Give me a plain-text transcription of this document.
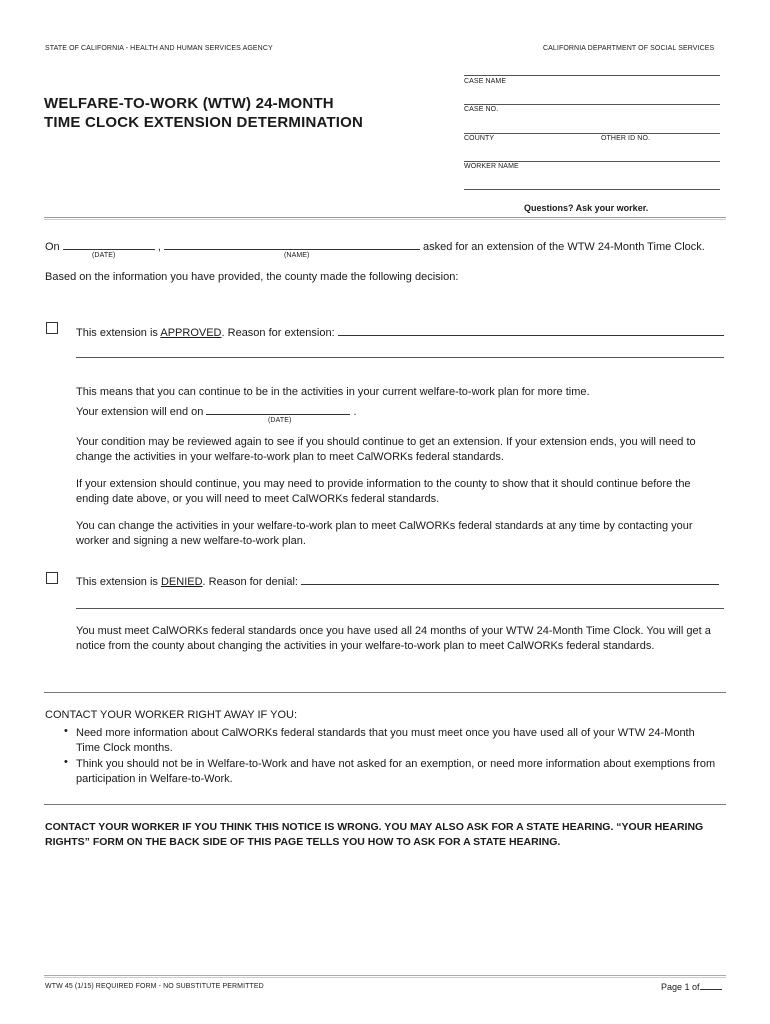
STATE OF CALIFORNIA - HEALTH AND HUMAN SERVICES AGENCY	CALIFORNIA DEPARTMENT OF SOCIAL SERVICES
WELFARE-TO-WORK (WTW) 24-MONTH
TIME CLOCK EXTENSION DETERMINATION
CASE NAME
CASE NO.
COUNTY	OTHER ID NO.
WORKER NAME
Questions? Ask your worker.
On	,	asked for an extension of the WTW 24-Month Time Clock.
(DATE)	(NAME)
Based on the information you have provided, the county made the following decision:
This extension is APPROVED. Reason for extension:
This means that you can continue to be in the activities in your current welfare-to-work plan for more time.
Your extension will end on	.
(DATE)
Your condition may be reviewed again to see if you should continue to get an extension. If your extension ends, you will need to change the activities in your welfare-to-work plan to meet CalWORKs federal standards.
If your extension should continue, you may need to provide information to the county to show that it should continue before the ending date above, or you will need to meet CalWORKs federal standards.
You can change the activities in your welfare-to-work plan to meet CalWORKs federal standards at any time by contacting your worker and signing a new welfare-to-work plan.
This extension is DENIED. Reason for denial:
You must meet CalWORKs federal standards once you have used all 24 months of your WTW 24-Month Time Clock. You will get a notice from the county about changing the activities in your welfare-to-work plan to meet CalWORKs federal standards.
CONTACT YOUR WORKER RIGHT AWAY IF YOU:
• Need more information about CalWORKs federal standards that you must meet once you have used all of your WTW 24-Month Time Clock months.
• Think you should not be in Welfare-to-Work and have not asked for an exemption, or need more information about exemptions from participation in Welfare-to-Work.
CONTACT YOUR WORKER IF YOU THINK THIS NOTICE IS WRONG. YOU MAY ALSO ASK FOR A STATE HEARING. “YOUR HEARING RIGHTS” FORM ON THE BACK SIDE OF THIS PAGE TELLS YOU HOW TO ASK FOR A STATE HEARING.
WTW 45 (1/15) REQUIRED FORM - NO SUBSTITUTE PERMITTED	Page 1 of
